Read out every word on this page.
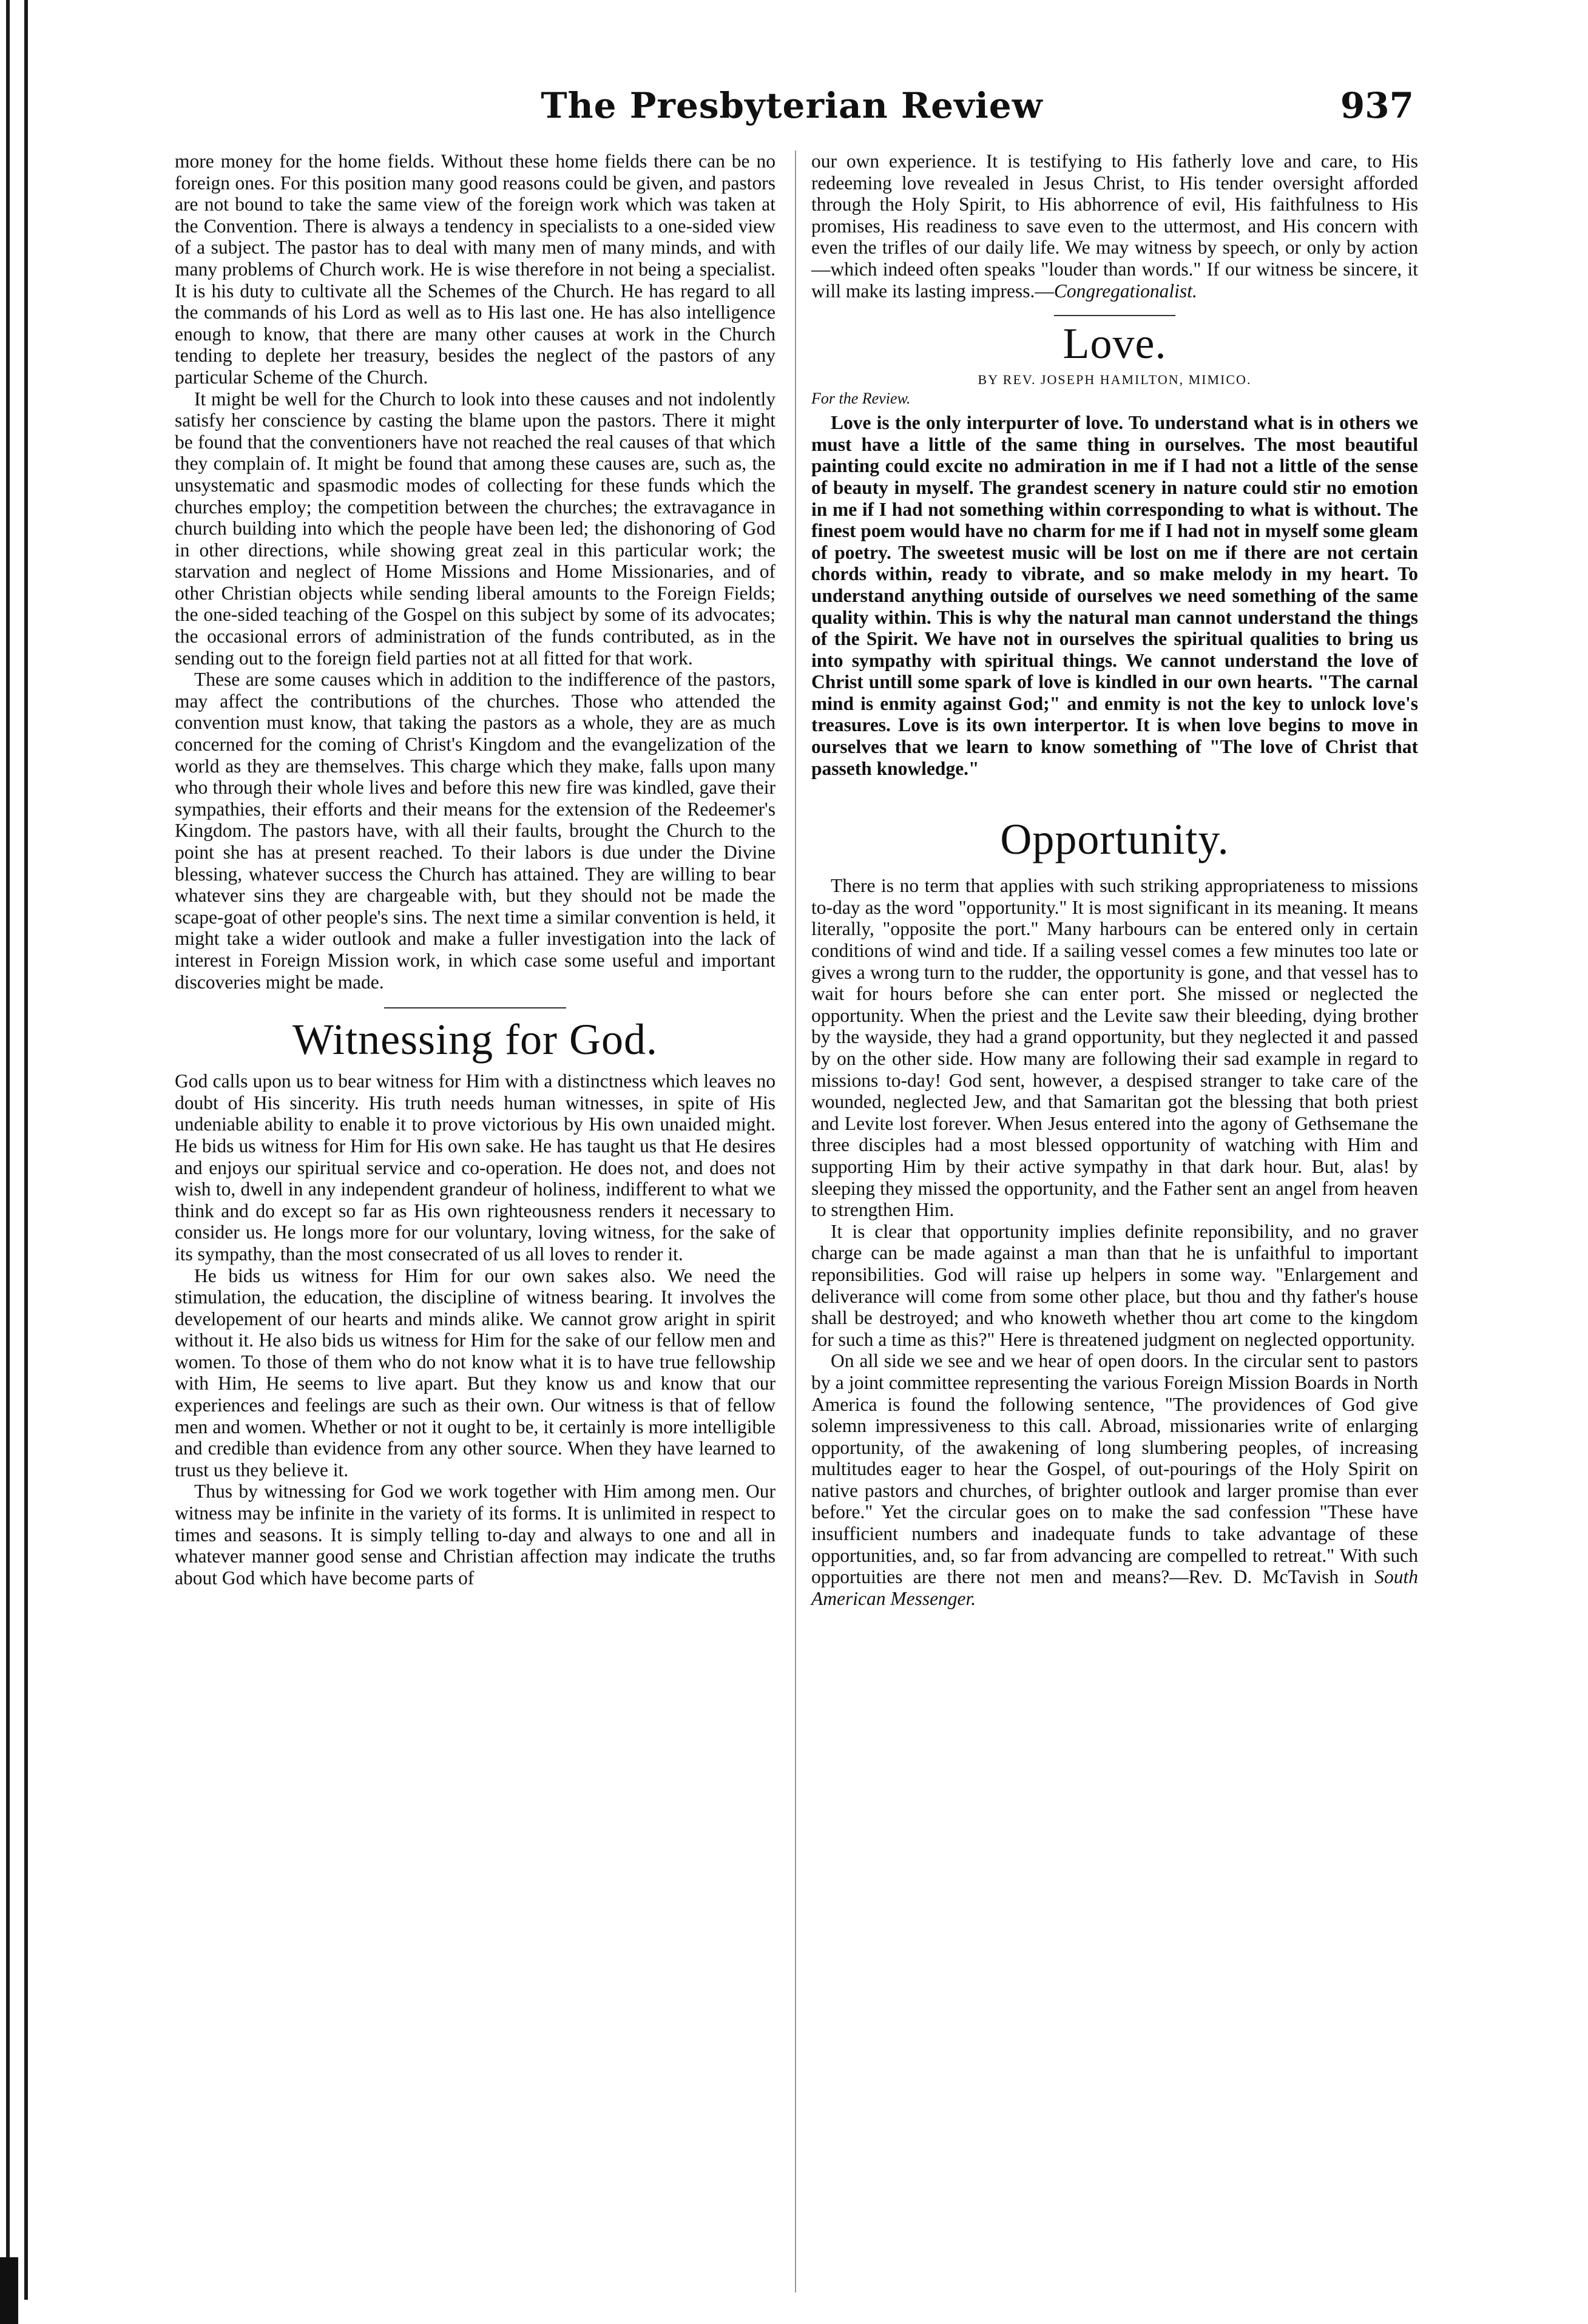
The Presbyterian Review	937

more money for the home fields. Without these home fields there can be no foreign ones. For this position many good reasons could be given, and pastors are not bound to take the same view of the foreign work which was taken at the Convention. There is always a tendency in specialists to a one-sided view of a subject. The pastor has to deal with many men of many minds, and with many problems of Church work. He is wise therefore in not being a specialist. It is his duty to cultivate all the Schemes of the Church. He has regard to all the commands of his Lord as well as to His last one. He has also intelligence enough to know, that there are many other causes at work in the Church tending to deplete her treasury, besides the neglect of the pastors of any particular Scheme of the Church.

It might be well for the Church to look into these causes and not indolently satisfy her conscience by casting the blame upon the pastors. There it might be found that the conventioners have not reached the real causes of that which they complain of. It might be found that among these causes are, such as, the unsystematic and spasmodic modes of collecting for these funds which the churches employ; the competition between the churches; the extravagance in church building into which the people have been led; the dishonoring of God in other directions, while showing great zeal in this particular work; the starvation and neglect of Home Missions and Home Missionaries, and of other Christian objects while sending liberal amounts to the Foreign Fields; the one-sided teaching of the Gospel on this subject by some of its advocates; the occasional errors of administration of the funds contributed, as in the sending out to the foreign field parties not at all fitted for that work.

These are some causes which in addition to the indifference of the pastors, may affect the contributions of the churches. Those who attended the convention must know, that taking the pastors as a whole, they are as much concerned for the coming of Christ's Kingdom and the evangelization of the world as they are themselves. This charge which they make, falls upon many who through their whole lives and before this new fire was kindled, gave their sympathies, their efforts and their means for the extension of the Redeemer's Kingdom. The pastors have, with all their faults, brought the Church to the point she has at present reached. To their labors is due under the Divine blessing, whatever success the Church has attained. They are willing to bear whatever sins they are chargeable with, but they should not be made the scape-goat of other people's sins. The next time a similar convention is held, it might take a wider outlook and make a fuller investigation into the lack of interest in Foreign Mission work, in which case some useful and important discoveries might be made.

Witnessing for God.

God calls upon us to bear witness for Him with a distinctness which leaves no doubt of His sincerity. His truth needs human witnesses, in spite of His undeniable ability to enable it to prove victorious by His own unaided might. He bids us witness for Him for His own sake. He has taught us that He desires and enjoys our spiritual service and co-operation. He does not, and does not wish to, dwell in any independent grandeur of holiness, indifferent to what we think and do except so far as His own righteousness renders it necessary to consider us. He longs more for our voluntary, loving witness, for the sake of its sympathy, than the most consecrated of us all loves to render it.

He bids us witness for Him for our own sakes also. We need the stimulation, the education, the discipline of witness bearing. It involves the developement of our hearts and minds alike. We cannot grow aright in spirit without it. He also bids us witness for Him for the sake of our fellow men and women. To those of them who do not know what it is to have true fellowship with Him, He seems to live apart. But they know us and know that our experiences and feelings are such as their own. Our witness is that of fellow men and women. Whether or not it ought to be, it certainly is more intelligible and credible than evidence from any other source. When they have learned to trust us they believe it.

Thus by witnessing for God we work together with Him among men. Our witness may be infinite in the variety of its forms. It is unlimited in respect to times and seasons. It is simply telling to-day and always to one and all in whatever manner good sense and Christian affection may indicate the truths about God which have become parts of

our own experience. It is testifying to His fatherly love and care, to His redeeming love revealed in Jesus Christ, to His tender oversight afforded through the Holy Spirit, to His abhorrence of evil, His faithfulness to His promises, His readiness to save even to the uttermost, and His concern with even the trifles of our daily life. We may witness by speech, or only by action—which indeed often speaks "louder than words." If our witness be sincere, it will make its lasting impress.—Congregationalist.

Love.
BY REV. JOSEPH HAMILTON, MIMICO.
For the Review.

Love is the only interpurter of love. To understand what is in others we must have a little of the same thing in ourselves. The most beautiful painting could excite no admiration in me if I had not a little of the sense of beauty in myself. The grandest scenery in nature could stir no emotion in me if I had not something within corresponding to what is without. The finest poem would have no charm for me if I had not in myself some gleam of poetry. The sweetest music will be lost on me if there are not certain chords within, ready to vibrate, and so make melody in my heart. To understand anything outside of ourselves we need something of the same quality within. This is why the natural man cannot understand the things of the Spirit. We have not in ourselves the spiritual qualities to bring us into sympathy with spiritual things. We cannot understand the love of Christ untill some spark of love is kindled in our own hearts. "The carnal mind is enmity against God;" and enmity is not the key to unlock love's treasures. Love is its own interpertor. It is when love begins to move in ourselves that we learn to know something of "The love of Christ that passeth knowledge."

Opportunity.

There is no term that applies with such striking appropriateness to missions to-day as the word "opportunity." It is most significant in its meaning. It means literally, "opposite the port." Many harbours can be entered only in certain conditions of wind and tide. If a sailing vessel comes a few minutes too late or gives a wrong turn to the rudder, the opportunity is gone, and that vessel has to wait for hours before she can enter port. She missed or neglected the opportunity. When the priest and the Levite saw their bleeding, dying brother by the wayside, they had a grand opportunity, but they neglected it and passed by on the other side. How many are following their sad example in regard to missions to-day! God sent, however, a despised stranger to take care of the wounded, neglected Jew, and that Samaritan got the blessing that both priest and Levite lost forever. When Jesus entered into the agony of Gethsemane the three disciples had a most blessed opportunity of watching with Him and supporting Him by their active sympathy in that dark hour. But, alas! by sleeping they missed the opportunity, and the Father sent an angel from heaven to strengthen Him.

It is clear that opportunity implies definite reponsibility, and no graver charge can be made against a man than that he is unfaithful to important reponsibilities. God will raise up helpers in some way. "Enlargement and deliverance will come from some other place, but thou and thy father's house shall be destroyed; and who knoweth whether thou art come to the kingdom for such a time as this?" Here is threatened judgment on neglected opportunity.

On all side we see and we hear of open doors. In the circular sent to pastors by a joint committee representing the various Foreign Mission Boards in North America is found the following sentence, "The providences of God give solemn impressiveness to this call. Abroad, missionaries write of enlarging opportunity, of the awakening of long slumbering peoples, of increasing multitudes eager to hear the Gospel, of out-pourings of the Holy Spirit on native pastors and churches, of brighter outlook and larger promise than ever before." Yet the circular goes on to make the sad confession "These have insufficient numbers and inadequate funds to take advantage of these opportunities, and, so far from advancing are compelled to retreat." With such opportuities are there not men and means?—Rev. D. McTavish in South American Messenger.
